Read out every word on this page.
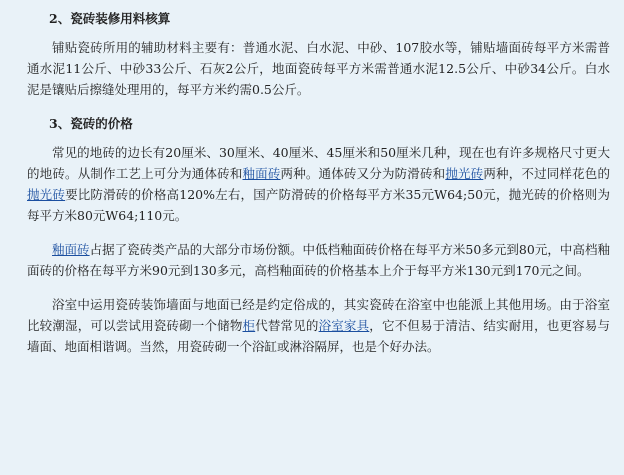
2、瓷砖装修用料核算

铺贴瓷砖所用的辅助材料主要有：普通水泥、白水泥、中砂、107胶水等，铺贴墙面砖每平方米需普通水泥11公斤、中砂33公斤、石灰2公斤，地面瓷砖每平方米需普通水泥12.5公斤、中砂34公斤。白水泥是镶贴后擦缝处理用的，每平方米约需0.5公斤。

3、瓷砖的价格

常见的地砖的边长有20厘米、30厘米、40厘米、45厘米和50厘米几种，现在也有许多规格尺寸更大的地砖。从制作工艺上可分为通体砖和釉面砖两种。通体砖又分为防滑砖和抛光砖两种，不过同样花色的抛光砖要比防滑砖的价格高120%左右，国产防滑砖的价格每平方米35元W64;50元，抛光砖的价格则为每平方米80元W64;110元。

釉面砖占据了瓷砖类产品的大部分市场份额。中低档釉面砖价格在每平方米50多元到80元，中高档釉面砖的价格在每平方米90元到130多元，高档釉面砖的价格基本上介于每平方米130元到170元之间。

浴室中运用瓷砖装饰墙面与地面已经是约定俗成的，其实瓷砖在浴室中也能派上其他用场。由于浴室比较潮湿，可以尝试用瓷砖砌一个储物柜代替常见的浴室家具，它不但易于清洁、结实耐用，也更容易与墙面、地面相谐调。当然，用瓷砖砌一个浴缸或淋浴隔屏，也是个好办法。
